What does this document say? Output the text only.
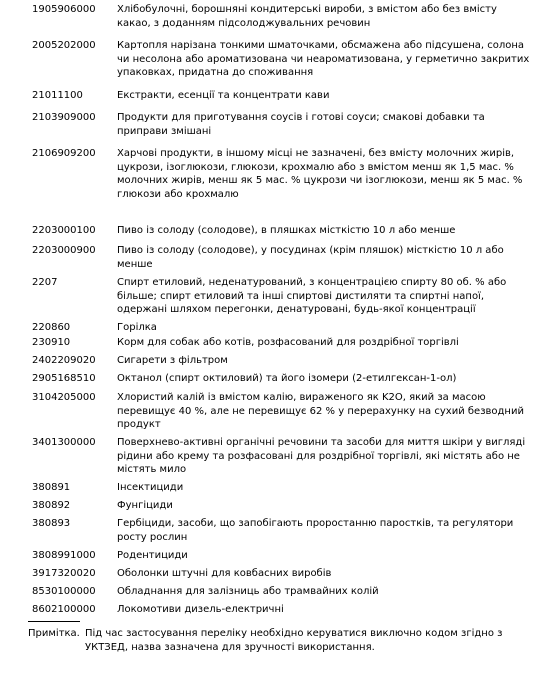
1905906000	Хлібобулочні, борошняні кондитерські вироби, з вмістом або без вмісту какао, з доданням підсолоджувальних речовин
2005202000	Картопля нарізана тонкими шматочками, обсмажена або підсушена, солона чи несолона або ароматизована чи неароматизована, у герметично закритих упаковках, придатна до споживання
21011100	Екстракти, есенції та концентрати кави
2103909000	Продукти для приготування соусів і готові соуси; смакові добавки та приправи змішані
2106909200	Харчові продукти, в іншому місці не зазначені, без вмісту молочних жирів, цукрози, ізоглюкози, глюкози, крохмалю або з вмістом менш як 1,5 мас. % молочних жирів, менш як 5 мас. % цукрози чи ізоглюкози, менш як 5 мас. % глюкози або крохмалю
2203000100	Пиво із солоду (солодове), в пляшках місткістю 10 л або менше
2203000900	Пиво із солоду (солодове), у посудинах (крім пляшок) місткістю 10 л або менше
2207	Спирт етиловий, неденатурований, з концентрацією спирту 80 об. % або більше; спирт етиловий та інші спиртові дистиляти та спиртні напої, одержані шляхом перегонки, денатуровані, будь-якої концентрації
220860	Горілка
230910	Корм для собак або котів, розфасований для роздрібної торгівлі
2402209020	Сигарети з фільтром
2905168510	Октанол (спирт октиловий) та його ізомери (2-етилгексан-1-ол)
3104205000	Хлористий калій із вмістом калію, вираженого як K2O, який за масою перевищує 40 %, але не перевищує 62 % у перерахунку на сухий безводний продукт
3401300000	Поверхнево-активні органічні речовини та засоби для миття шкіри у вигляді рідини або крему та розфасовані для роздрібної торгівлі, які містять або не містять мило
380891	Інсектициди
380892	Фунгіциди
380893	Гербіциди, засоби, що запобігають проростанню паростків, та регулятори росту рослин
3808991000	Родентициди
3917320020	Оболонки штучні для ковбасних виробів
8530100000	Обладнання для залізниць або трамвайних колій
8602100000	Локомотиви дизель-електричні
Примітка. Під час застосування переліку необхідно керуватися виключно кодом згідно з УКТЗЕД, назва зазначена для зручності використання.
